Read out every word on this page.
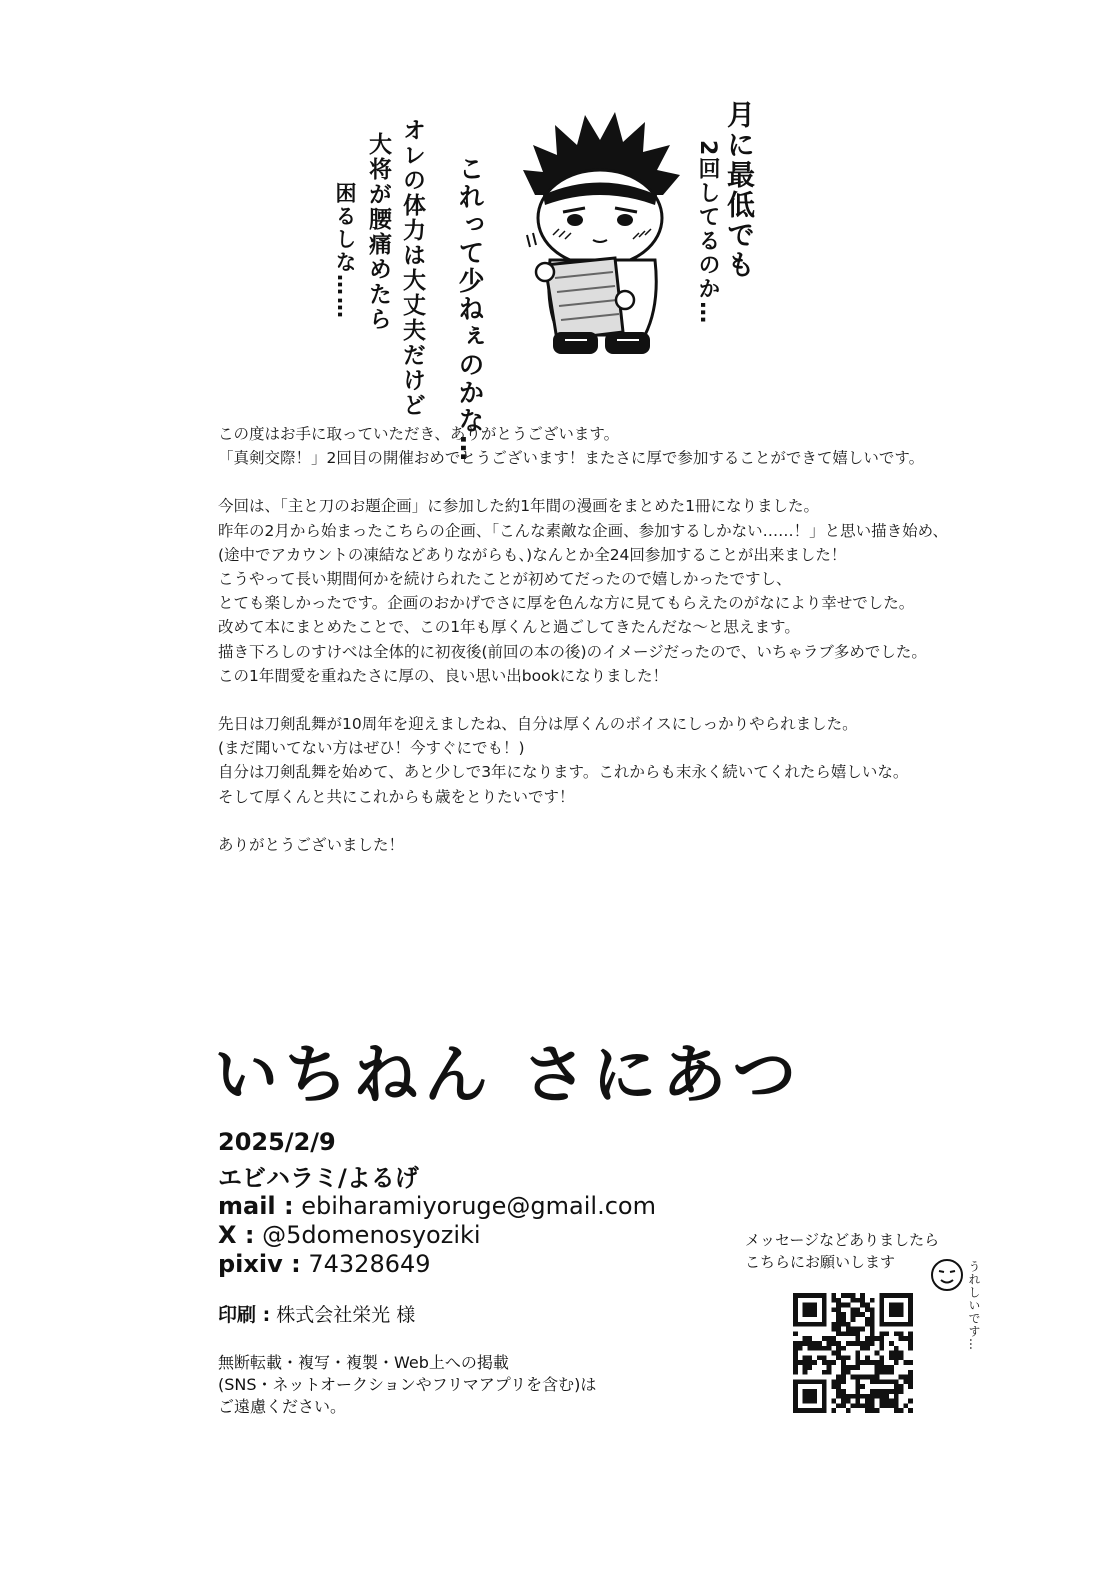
月に最低でも
2回してるのか…
これって少ねぇのかな…
オレの体力は大丈夫だけど
大将が腰痛めたら
困るしな……
この度はお手に取っていただき、ありがとうございます。
「真剣交際！」2回目の開催おめでとうございます！またさに厚で参加することができて嬉しいです。
今回は、「主と刀のお題企画」に参加した約1年間の漫画をまとめた1冊になりました。
昨年の2月から始まったこちらの企画、「こんな素敵な企画、参加するしかない……！」と思い描き始め、
(途中でアカウントの凍結などありながらも、)なんとか全24回参加することが出来ました！
こうやって長い期間何かを続けられたことが初めてだったので嬉しかったですし、
とても楽しかったです。企画のおかげでさに厚を色んな方に見てもらえたのがなにより幸せでした。
改めて本にまとめたことで、この1年も厚くんと過ごしてきたんだな〜と思えます。
描き下ろしのすけべは全体的に初夜後(前回の本の後)のイメージだったので、いちゃラブ多めでした。
この1年間愛を重ねたさに厚の、良い思い出bookになりました！
先日は刀剣乱舞が10周年を迎えましたね、自分は厚くんのボイスにしっかりやられました。
(まだ聞いてない方はぜひ！今すぐにでも！)
自分は刀剣乱舞を始めて、あと少しで3年になります。これからも末永く続いてくれたら嬉しいな。
そして厚くんと共にこれからも歳をとりたいです！
ありがとうございました！
いちねん さにあつ
2025/2/9
エビハラミ/よるげ
mail : ebiharamiyoruge@gmail.com
X : @5domenosyoziki
pixiv : 74328649
印刷 : 株式会社栄光 様
無断転載・複写・複製・Web上への掲載
(SNS・ネットオークションやフリマアプリを含む)は
ご遠慮ください。
メッセージなどありましたら
こちらにお願いします	うれしいです…
